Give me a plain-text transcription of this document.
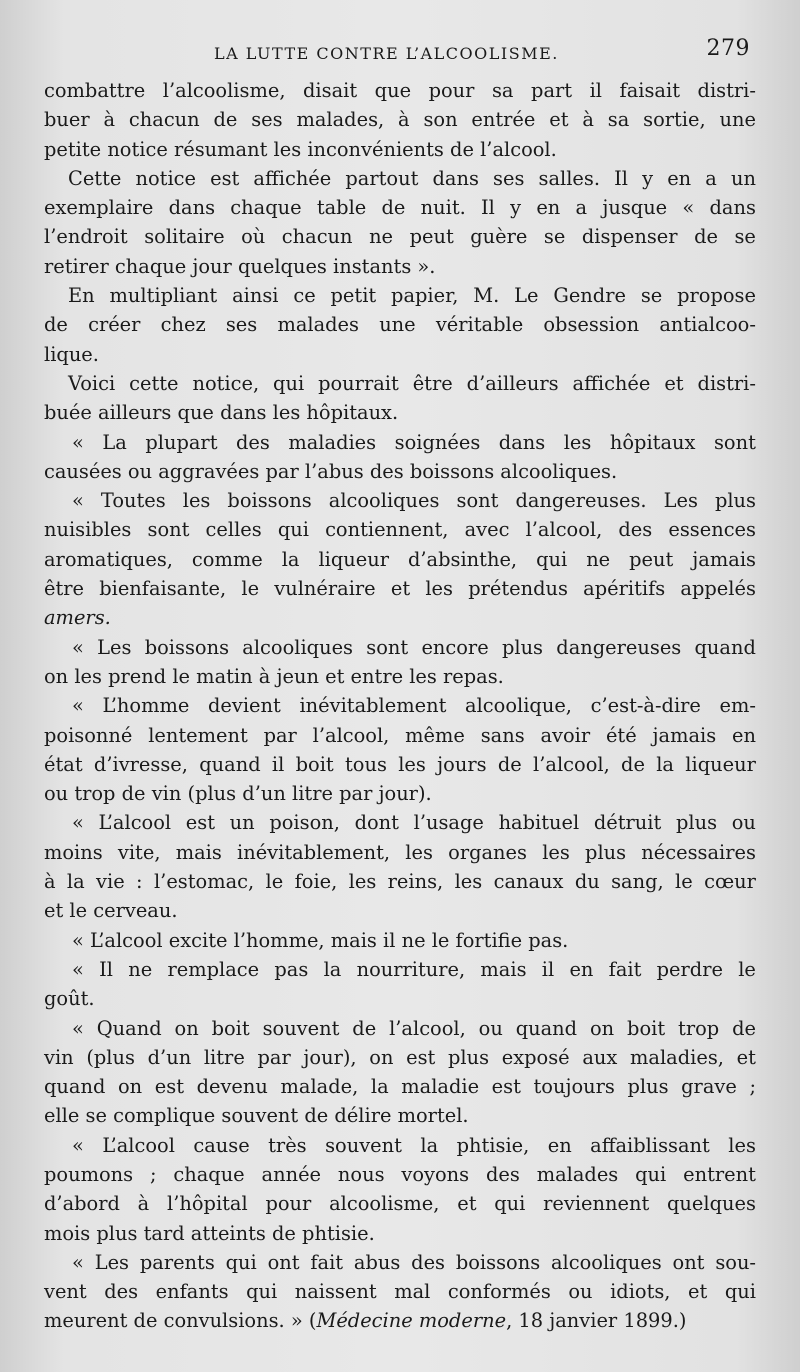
LA LUTTE CONTRE L’ALCOOLISME.	279
combattre l’alcoolisme, disait que pour sa part il faisait distri-
buer à chacun de ses malades, à son entrée et à sa sortie, une
petite notice résumant les inconvénients de l’alcool.
Cette notice est affichée partout dans ses salles. Il y en a un
exemplaire dans chaque table de nuit. Il y en a jusque « dans
l’endroit solitaire où chacun ne peut guère se dispenser de se
retirer chaque jour quelques instants ».
En multipliant ainsi ce petit papier, M. Le Gendre se propose
de créer chez ses malades une véritable obsession antialcoo-
lique.
Voici cette notice, qui pourrait être d’ailleurs affichée et distri-
buée ailleurs que dans les hôpitaux.
« La plupart des maladies soignées dans les hôpitaux sont
causées ou aggravées par l’abus des boissons alcooliques.
« Toutes les boissons alcooliques sont dangereuses. Les plus
nuisibles sont celles qui contiennent, avec l’alcool, des essences
aromatiques, comme la liqueur d’absinthe, qui ne peut jamais
être bienfaisante, le vulnéraire et les prétendus apéritifs appelés
amers.
« Les boissons alcooliques sont encore plus dangereuses quand
on les prend le matin à jeun et entre les repas.
« L’homme devient inévitablement alcoolique, c’est-à-dire em-
poisonné lentement par l’alcool, même sans avoir été jamais en
état d’ivresse, quand il boit tous les jours de l’alcool, de la liqueur
ou trop de vin (plus d’un litre par jour).
« L’alcool est un poison, dont l’usage habituel détruit plus ou
moins vite, mais inévitablement, les organes les plus nécessaires
à la vie : l’estomac, le foie, les reins, les canaux du sang, le cœur
et le cerveau.
« L’alcool excite l’homme, mais il ne le fortifie pas.
« Il ne remplace pas la nourriture, mais il en fait perdre le
goût.
« Quand on boit souvent de l’alcool, ou quand on boit trop de
vin (plus d’un litre par jour), on est plus exposé aux maladies, et
quand on est devenu malade, la maladie est toujours plus grave ;
elle se complique souvent de délire mortel.
« L’alcool cause très souvent la phtisie, en affaiblissant les
poumons ; chaque année nous voyons des malades qui entrent
d’abord à l’hôpital pour alcoolisme, et qui reviennent quelques
mois plus tard atteints de phtisie.
« Les parents qui ont fait abus des boissons alcooliques ont sou-
vent des enfants qui naissent mal conformés ou idiots, et qui
meurent de convulsions. »
( Médecine moderne , 18 janvier 1899.)
